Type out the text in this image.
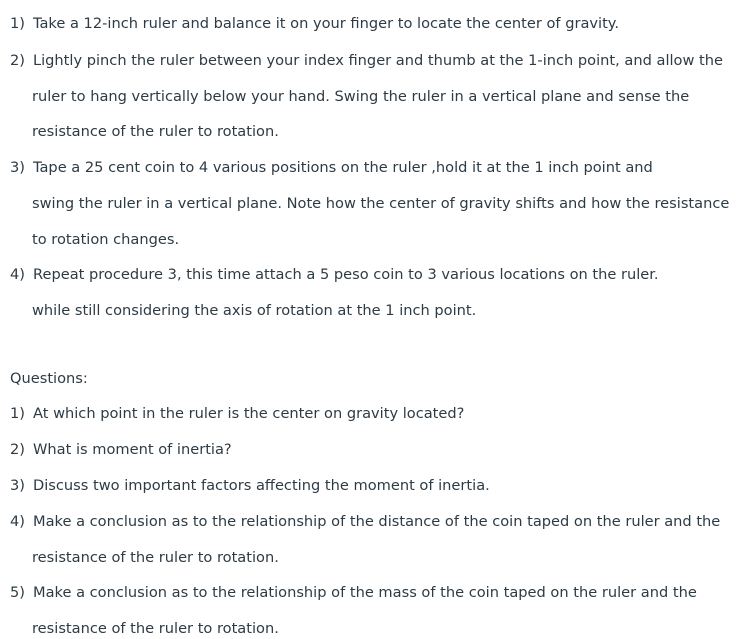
1) Take a 12-inch ruler and balance it on your finger to locate the center of gravity.
2) Lightly pinch the ruler between your index finger and thumb at the 1-inch point, and allow the
ruler to hang vertically below your hand. Swing the ruler in a vertical plane and sense the
resistance of the ruler to rotation.
3) Tape a 25 cent coin to 4 various positions on the ruler ,hold it at the 1 inch point and
swing the ruler in a vertical plane. Note how the center of gravity shifts and how the resistance
to rotation changes.
4) Repeat procedure 3, this time attach a 5 peso coin to 3 various locations on the ruler.
while still considering the axis of rotation at the 1 inch point.
Questions:
1) At which point in the ruler is the center on gravity located?
2) What is moment of inertia?
3) Discuss two important factors affecting the moment of inertia.
4) Make a conclusion as to the relationship of the distance of the coin taped on the ruler and the
resistance of the ruler to rotation.
5) Make a conclusion as to the relationship of the mass of the coin taped on the ruler and the
resistance of the ruler to rotation.
